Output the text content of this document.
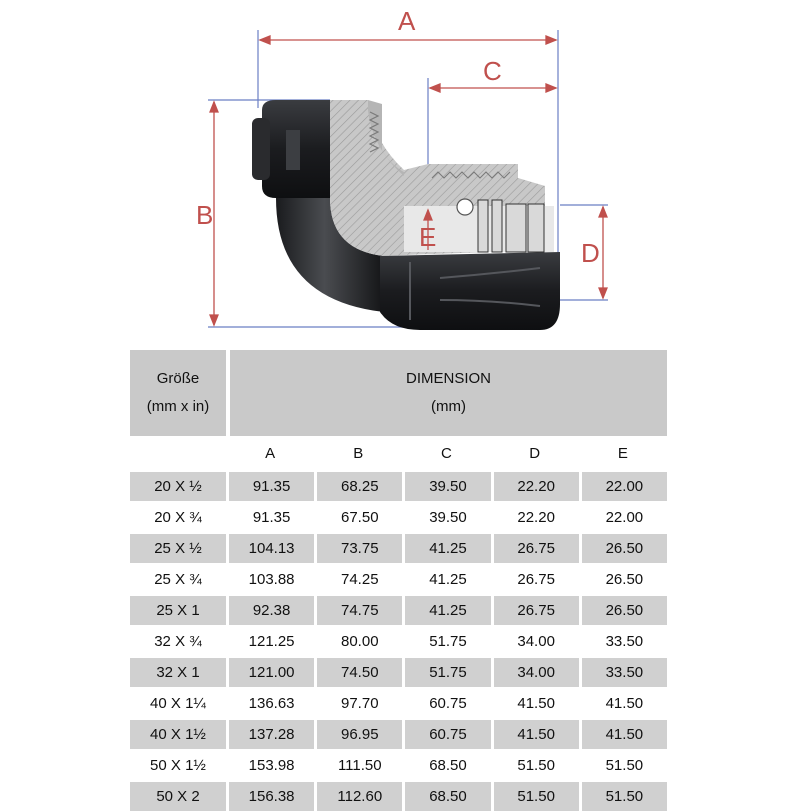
A
C
B
D
E
Größe
(mm x in)	DIMENSION
(mm)				

	A	B	C	D	E
20 X ½	91.35	68.25	39.50	22.20	22.00
20 X ¾	91.35	67.50	39.50	22.20	22.00
25 X ½	104.13	73.75	41.25	26.75	26.50
25 X ¾	103.88	74.25	41.25	26.75	26.50
25 X 1	92.38	74.75	41.25	26.75	26.50
32 X ¾	121.25	80.00	51.75	34.00	33.50
32 X 1	121.00	74.50	51.75	34.00	33.50
40 X 1¼	136.63	97.70	60.75	41.50	41.50
40 X 1½	137.28	96.95	60.75	41.50	41.50
50 X 1½	153.98	111.50	68.50	51.50	51.50
50 X 2	156.38	112.60	68.50	51.50	51.50
